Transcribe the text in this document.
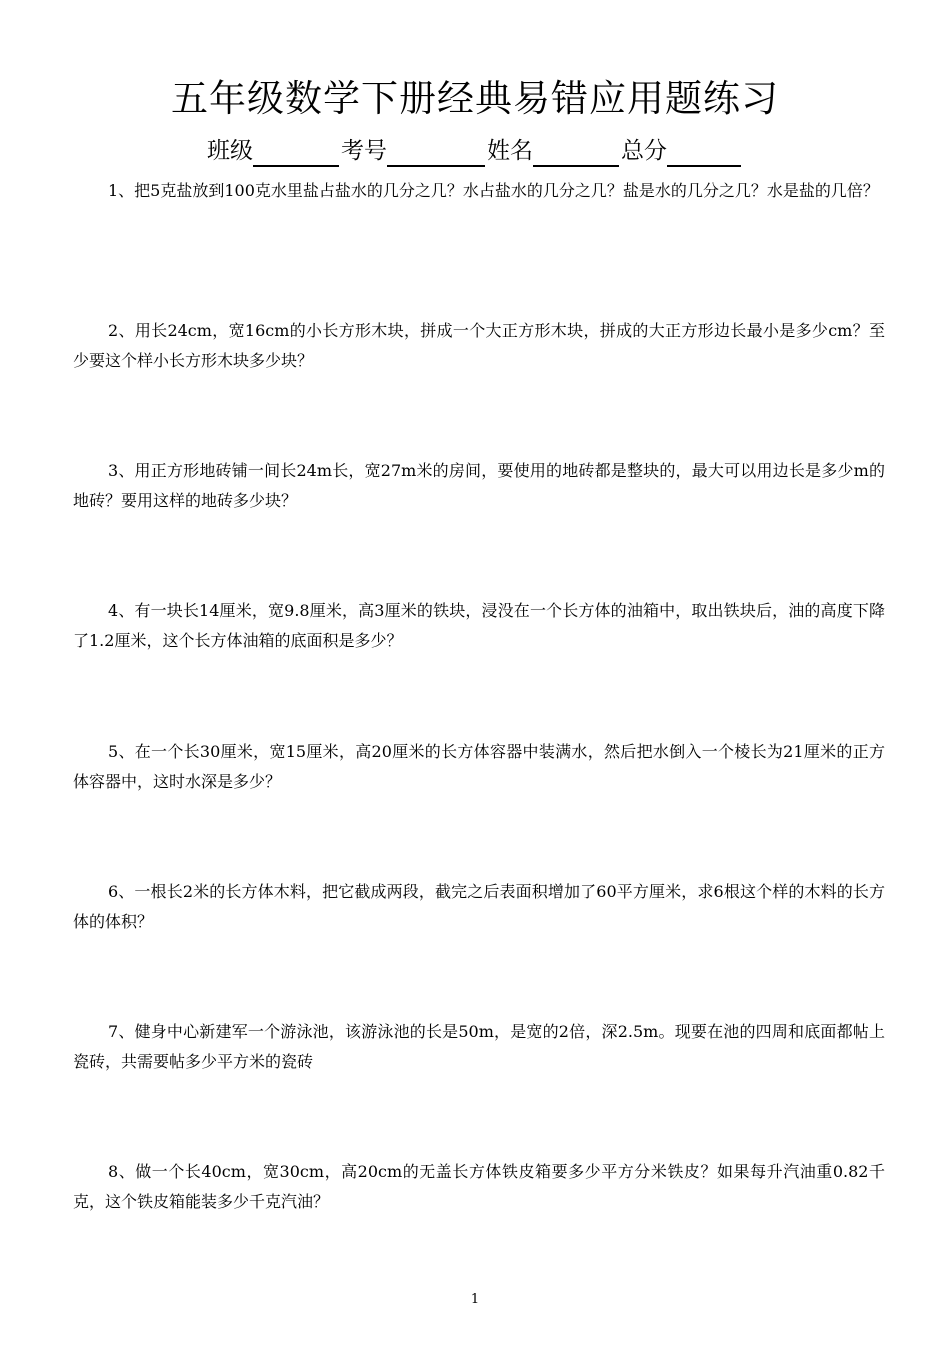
五年级数学下册经典易错应用题练习
班级	考号	姓名	总分

1、把5克盐放到100克水里盐占盐水的几分之几？水占盐水的几分之几？盐是水的几分之几？水是盐的几倍？

2、用长24cm，宽16cm的小长方形木块，拼成一个大正方形木块，拼成的大正方形边长最小是多少cm？至少要这个样小长方形木块多少块？

3、用正方形地砖铺一间长24m长，宽27m米的房间，要使用的地砖都是整块的，最大可以用边长是多少m的地砖？要用这样的地砖多少块？

4、有一块长14厘米，宽9.8厘米，高3厘米的铁块，浸没在一个长方体的油箱中，取出铁块后，油的高度下降了1.2厘米，这个长方体油箱的底面积是多少？

5、在一个长30厘米，宽15厘米，高20厘米的长方体容器中装满水，然后把水倒入一个棱长为21厘米的正方体容器中，这时水深是多少？

6、一根长2米的长方体木料，把它截成两段，截完之后表面积增加了60平方厘米，求6根这个样的木料的长方体的体积？

7、健身中心新建军一个游泳池，该游泳池的长是50m，是宽的2倍，深2.5m。现要在池的四周和底面都帖上瓷砖，共需要帖多少平方米的瓷砖

8、做一个长40cm，宽30cm，高20cm的无盖长方体铁皮箱要多少平方分米铁皮？如果每升汽油重0.82千克，这个铁皮箱能装多少千克汽油？

1
